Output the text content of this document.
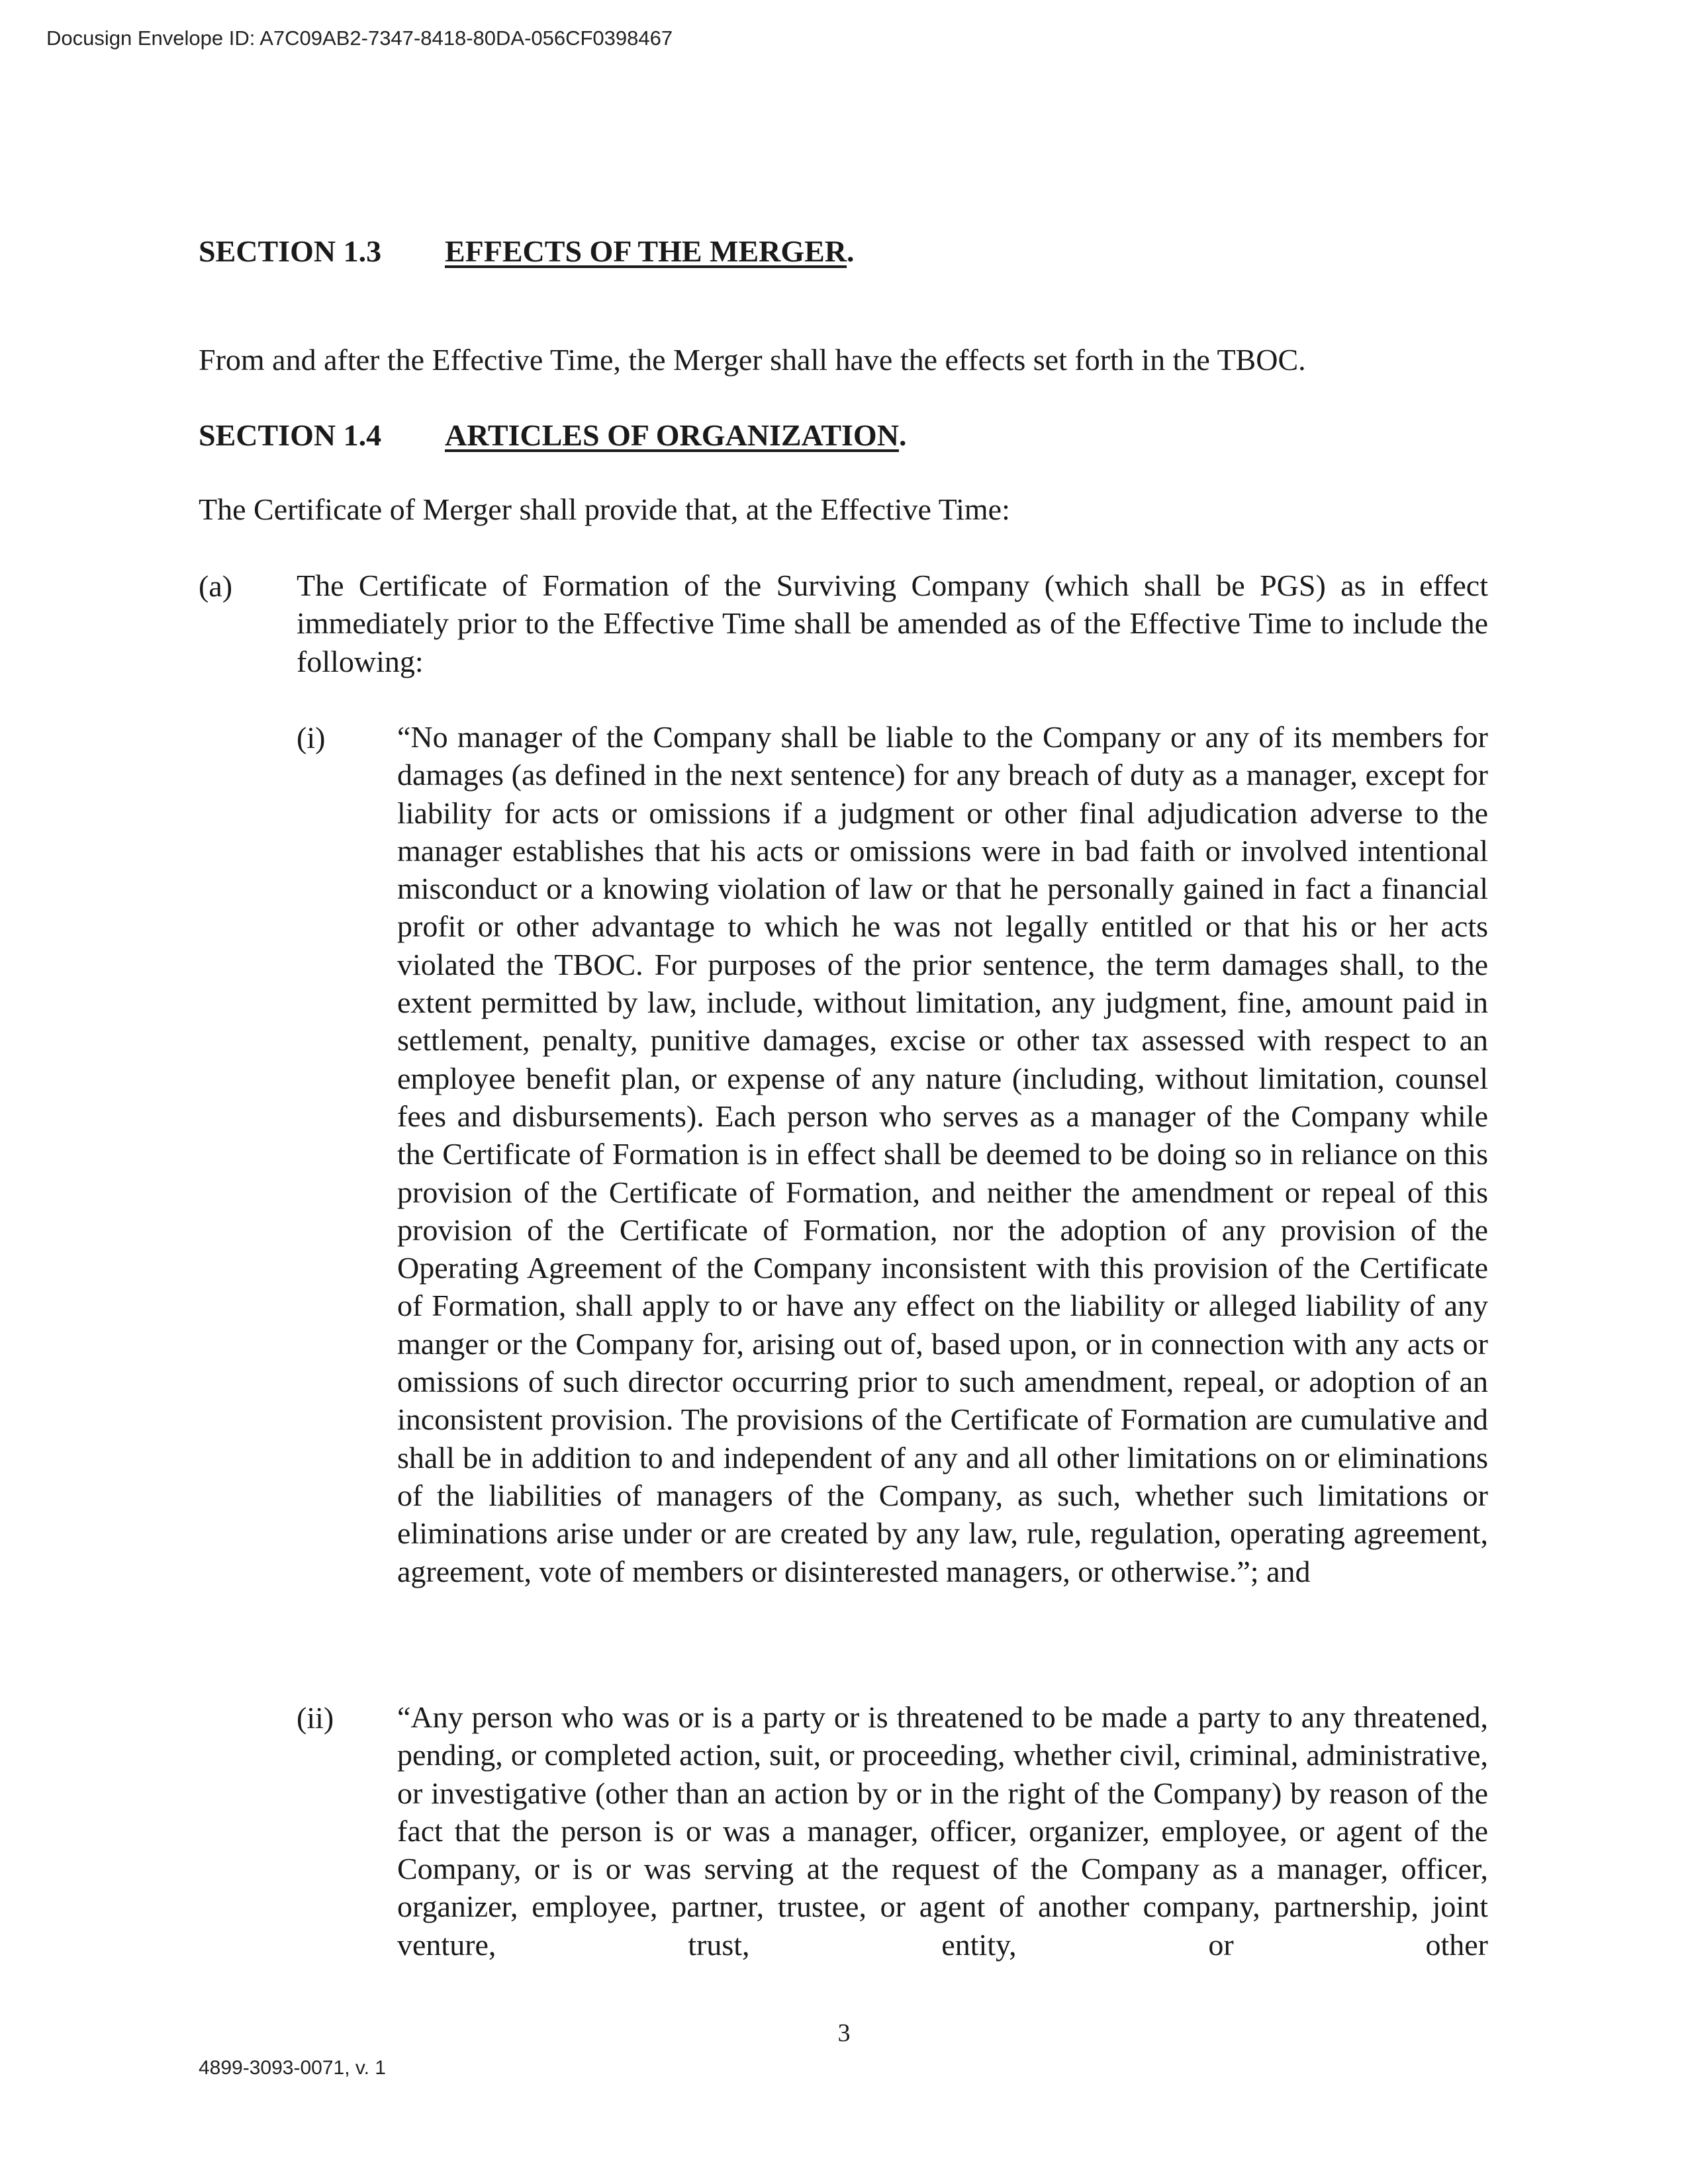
Docusign Envelope ID: A7C09AB2-7347-8418-80DA-056CF0398467
SECTION 1.3 EFFECTS OF THE MERGER.
From and after the Effective Time, the Merger shall have the effects set forth in the TBOC.
SECTION 1.4 ARTICLES OF ORGANIZATION.
The Certificate of Merger shall provide that, at the Effective Time:
(a) The Certificate of Formation of the Surviving Company (which shall be PGS) as in effect immediately prior to the Effective Time shall be amended as of the Effective Time to include the following:
(i) “No manager of the Company shall be liable to the Company or any of its members for damages (as defined in the next sentence) for any breach of duty as a manager, except for liability for acts or omissions if a judgment or other final adjudication adverse to the manager establishes that his acts or omissions were in bad faith or involved intentional misconduct or a knowing violation of law or that he personally gained in fact a financial profit or other advantage to which he was not legally entitled or that his or her acts violated the TBOC. For purposes of the prior sentence, the term damages shall, to the extent permitted by law, include, without limitation, any judgment, fine, amount paid in settlement, penalty, punitive damages, excise or other tax assessed with respect to an employee benefit plan, or expense of any nature (including, without limitation, counsel fees and disbursements). Each person who serves as a manager of the Company while the Certificate of Formation is in effect shall be deemed to be doing so in reliance on this provision of the Certificate of Formation, and neither the amendment or repeal of this provision of the Certificate of Formation, nor the adoption of any provision of the Operating Agreement of the Company inconsistent with this provision of the Certificate of Formation, shall apply to or have any effect on the liability or alleged liability of any manger or the Company for, arising out of, based upon, or in connection with any acts or omissions of such director occurring prior to such amendment, repeal, or adoption of an inconsistent provision. The provisions of the Certificate of Formation are cumulative and shall be in addition to and independent of any and all other limitations on or eliminations of the liabilities of managers of the Company, as such, whether such limitations or eliminations arise under or are created by any law, rule, regulation, operating agreement, agreement, vote of members or disinterested managers, or otherwise.”; and
(ii) “Any person who was or is a party or is threatened to be made a party to any threatened, pending, or completed action, suit, or proceeding, whether civil, criminal, administrative, or investigative (other than an action by or in the right of the Company) by reason of the fact that the person is or was a manager, officer, organizer, employee, or agent of the Company, or is or was serving at the request of the Company as a manager, officer, organizer, employee, partner, trustee, or agent of another company, partnership, joint venture, trust, entity, or other
3
4899-3093-0071, v. 1
